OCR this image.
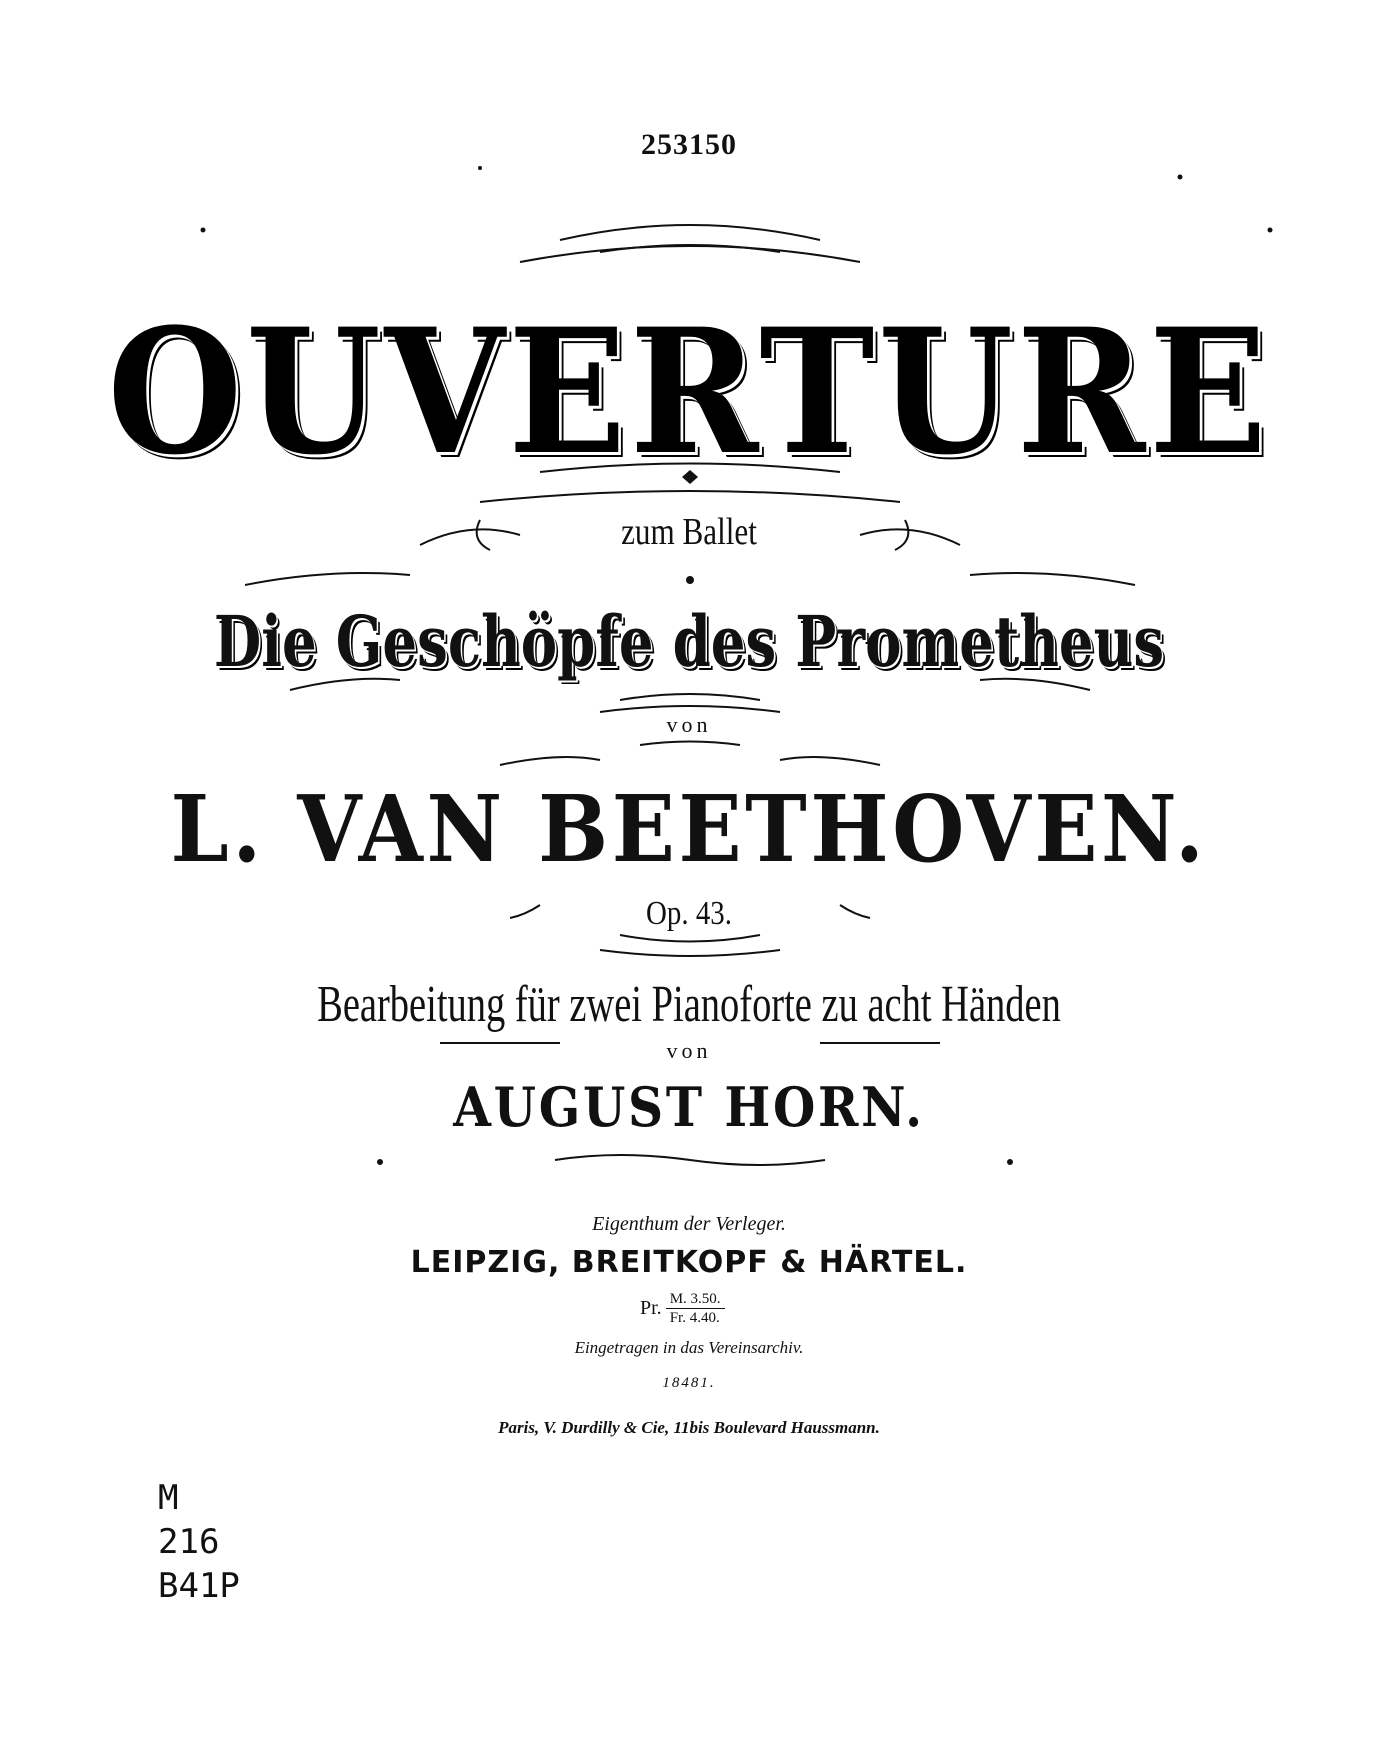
253150
OUVERTURE
zum Ballet
Die Geschöpfe des Prometheus
von
L. VAN BEETHOVEN.
Op. 43.
Bearbeitung für zwei Pianoforte zu acht Händen
von
AUGUST HORN.
Eigenthum der Verleger.
LEIPZIG, BREITKOPF & HÄRTEL.
Pr. $\frac{M. 3.50.}{Fr. 4.40.}$
Eingetragen in das Vereinsarchiv.
18481.
Paris, V. Durdilly & Cie, 11bis Boulevard Haussmann.
M
216
B41P
